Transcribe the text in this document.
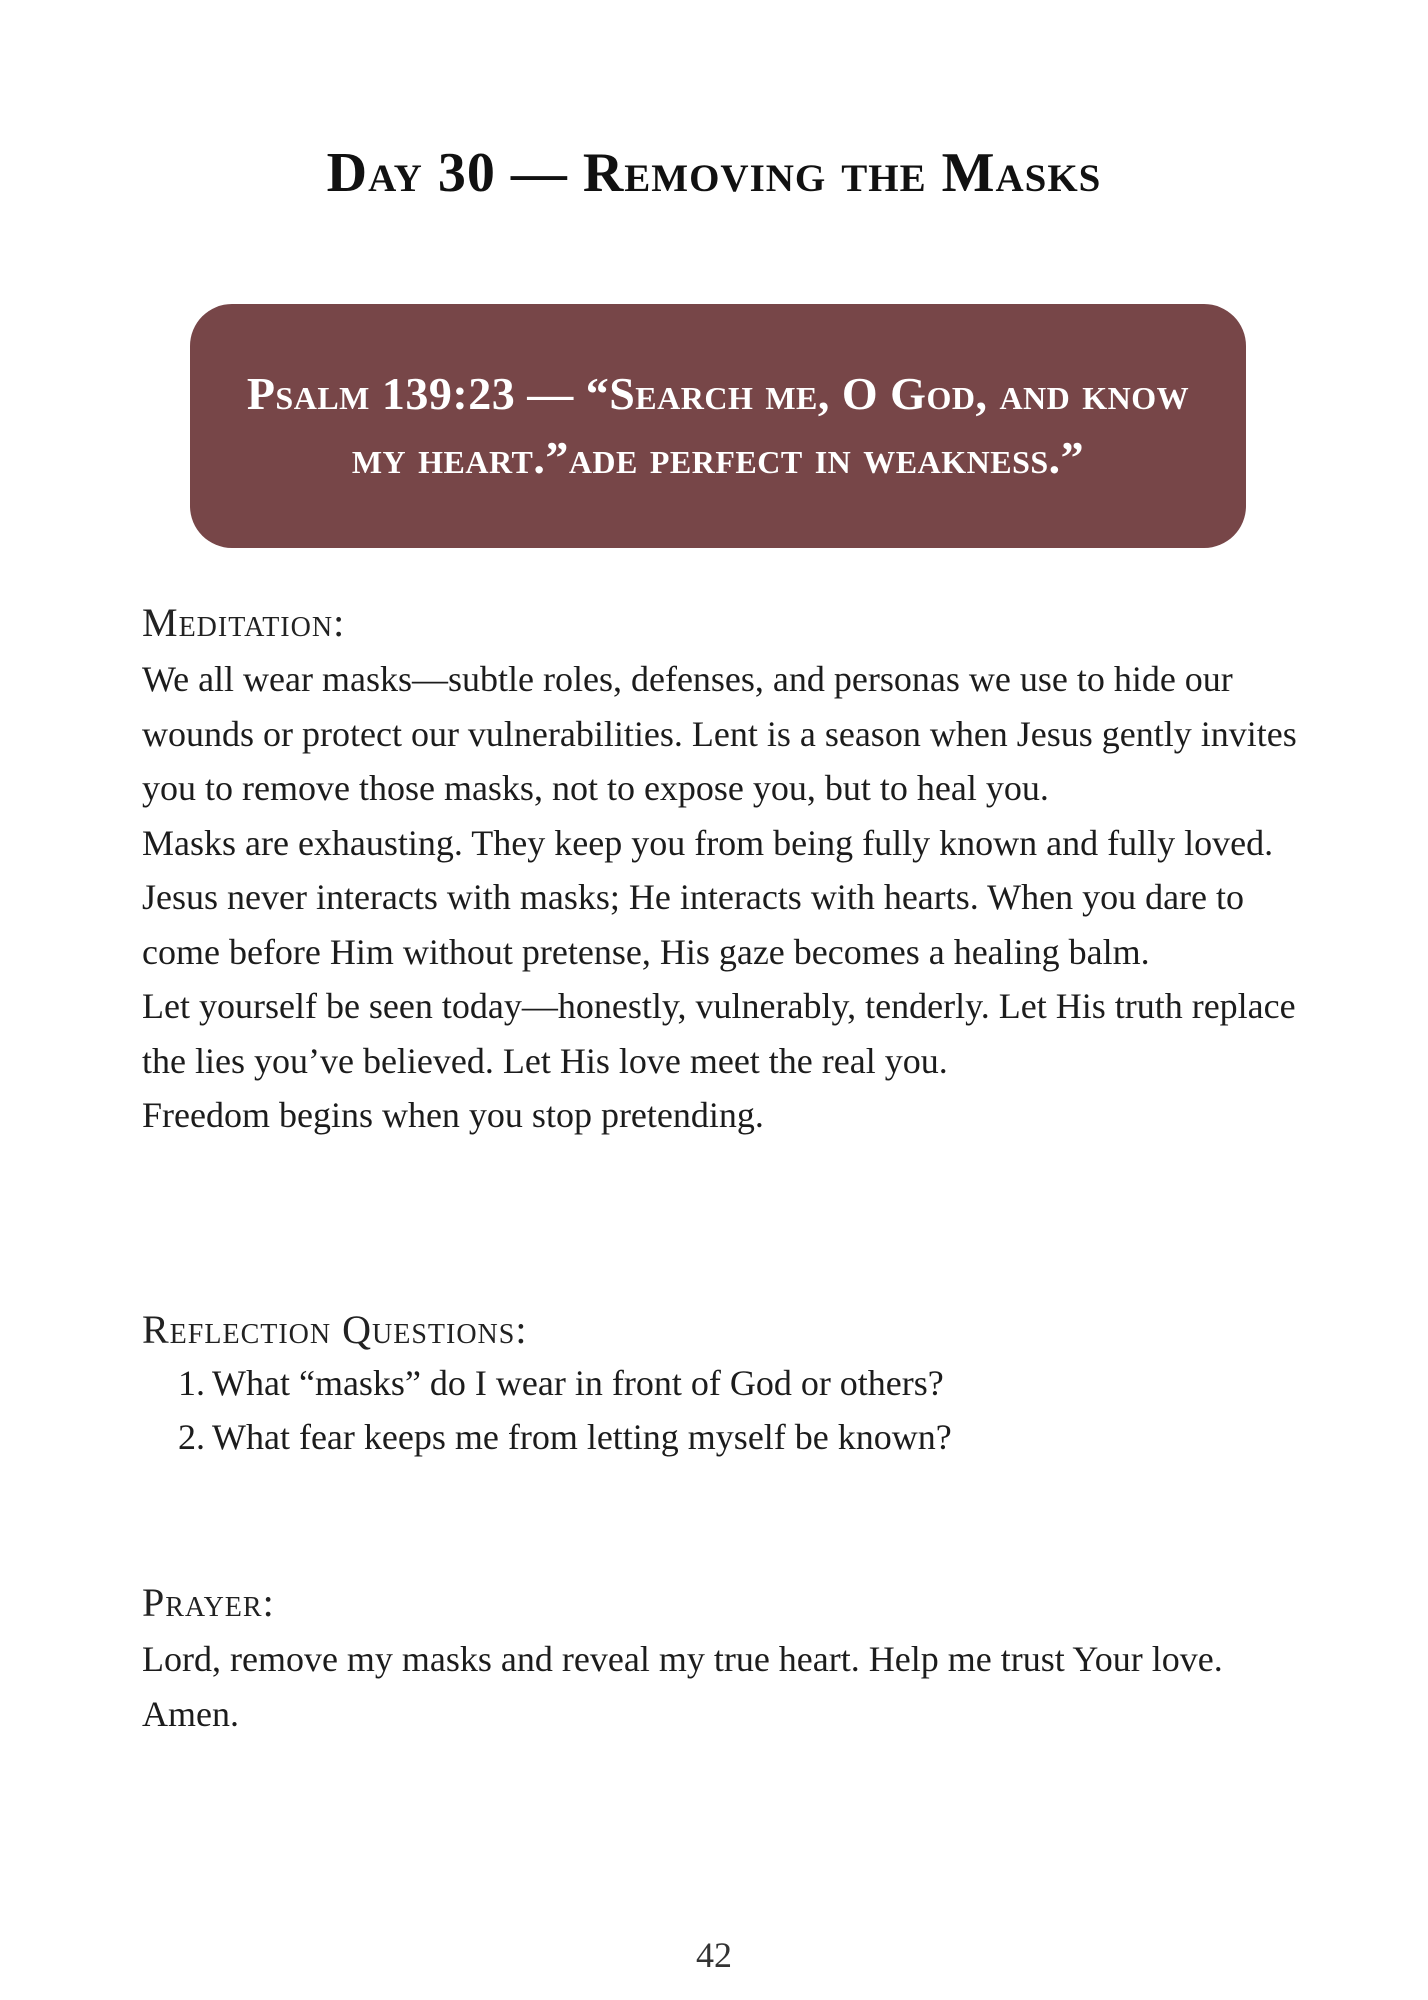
Day 30 — Removing the Masks
Psalm 139:23 — “Search me, O God, and know my heart.”ade perfect in weakness.”
Meditation:

We all wear masks—subtle roles, defenses, and personas we use to hide our wounds or protect our vulnerabilities. Lent is a season when Jesus gently invites you to remove those masks, not to expose you, but to heal you.

Masks are exhausting. They keep you from being fully known and fully loved. Jesus never interacts with masks; He interacts with hearts. When you dare to come before Him without pretense, His gaze becomes a healing balm.

Let yourself be seen today—honestly, vulnerably, tenderly. Let His truth replace the lies you’ve believed. Let His love meet the real you.

Freedom begins when you stop pretending.

Reflection Questions:
1. What “masks” do I wear in front of God or others?
2. What fear keeps me from letting myself be known?
Prayer:
Lord, remove my masks and reveal my true heart. Help me trust Your love. Amen.
42
